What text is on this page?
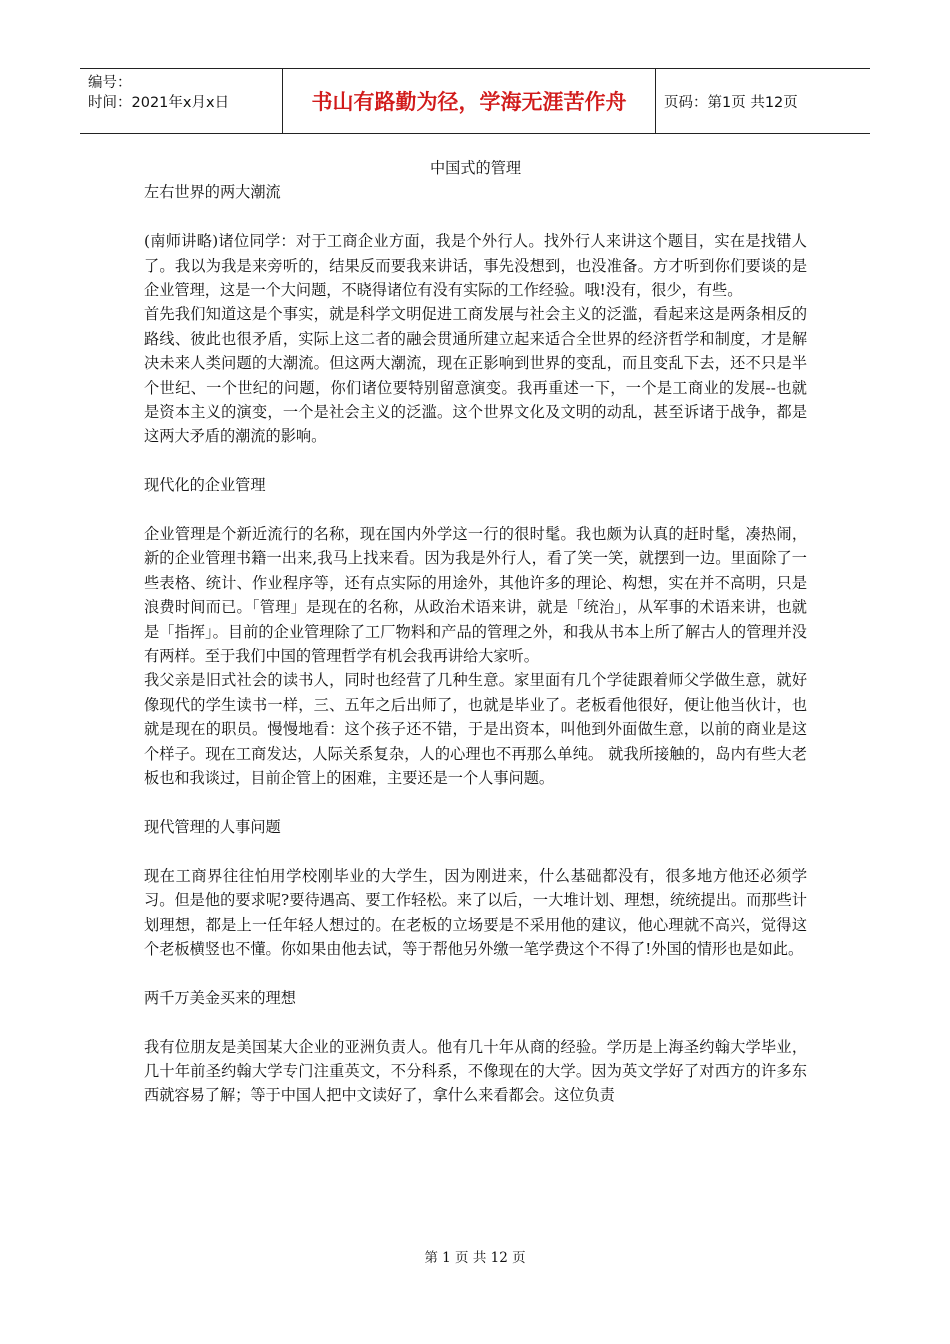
编号：
时间：2021年x月x日	书山有路勤为径，学海无涯苦作舟	页码：第1页 共12页

中国式的管理

左右世界的两大潮流

(南师讲略)诸位同学：对于工商企业方面，我是个外行人。找外行人来讲这个题目，实在是找错人了。我以为我是来旁听的，结果反而要我来讲话，事先没想到，也没准备。方才听到你们要谈的是企业管理，这是一个大问题，不晓得诸位有没有实际的工作经验。哦!没有，很少，有些。

首先我们知道这是个事实，就是科学文明促进工商发展与社会主义的泛滥，看起来这是两条相反的路线、彼此也很矛盾，实际上这二者的融会贯通所建立起来适合全世界的经济哲学和制度，才是解决未来人类问题的大潮流。但这两大潮流，现在正影响到世界的变乱，而且变乱下去，还不只是半个世纪、一个世纪的问题，你们诸位要特别留意演变。我再重述一下，一个是工商业的发展--也就是资本主义的演变，一个是社会主义的泛滥。这个世界文化及文明的动乱，甚至诉诸于战争，都是这两大矛盾的潮流的影响。

现代化的企业管理

企业管理是个新近流行的名称，现在国内外学这一行的很时髦。我也颇为认真的赶时髦，凑热闹，新的企业管理书籍一出来,我马上找来看。因为我是外行人，看了笑一笑，就摆到一边。里面除了一些表格、统计、作业程序等，还有点实际的用途外，其他许多的理论、构想，实在并不高明，只是浪费时间而已。「管理」是现在的名称，从政治术语来讲，就是「统治」，从军事的术语来讲，也就是「指挥」。目前的企业管理除了工厂物料和产品的管理之外，和我从书本上所了解古人的管理并没有两样。至于我们中国的管理哲学有机会我再讲给大家听。

我父亲是旧式社会的读书人，同时也经营了几种生意。家里面有几个学徒跟着师父学做生意，就好像现代的学生读书一样，三、五年之后出师了，也就是毕业了。老板看他很好，便让他当伙计，也就是现在的职员。慢慢地看：这个孩子还不错，于是出资本，叫他到外面做生意，以前的商业是这个样子。现在工商发达，人际关系复杂，人的心理也不再那么单纯。 就我所接触的，岛内有些大老板也和我谈过，目前企管上的困难，主要还是一个人事问题。

现代管理的人事问题

现在工商界往往怕用学校刚毕业的大学生，因为刚进来，什么基础都没有，很多地方他还必须学习。但是他的要求呢?要待遇高、要工作轻松。来了以后，一大堆计划、理想，统统提出。而那些计划理想，都是上一任年轻人想过的。在老板的立场要是不采用他的建议，他心理就不高兴，觉得这个老板横竖也不懂。你如果由他去试，等于帮他另外缴一笔学费这个不得了!外国的情形也是如此。

两千万美金买来的理想

我有位朋友是美国某大企业的亚洲负责人。他有几十年从商的经验。学历是上海圣约翰大学毕业，几十年前圣约翰大学专门注重英文，不分科系，不像现在的大学。因为英文学好了对西方的许多东西就容易了解；等于中国人把中文读好了，拿什么来看都会。这位负责

第 1 页 共 12 页
